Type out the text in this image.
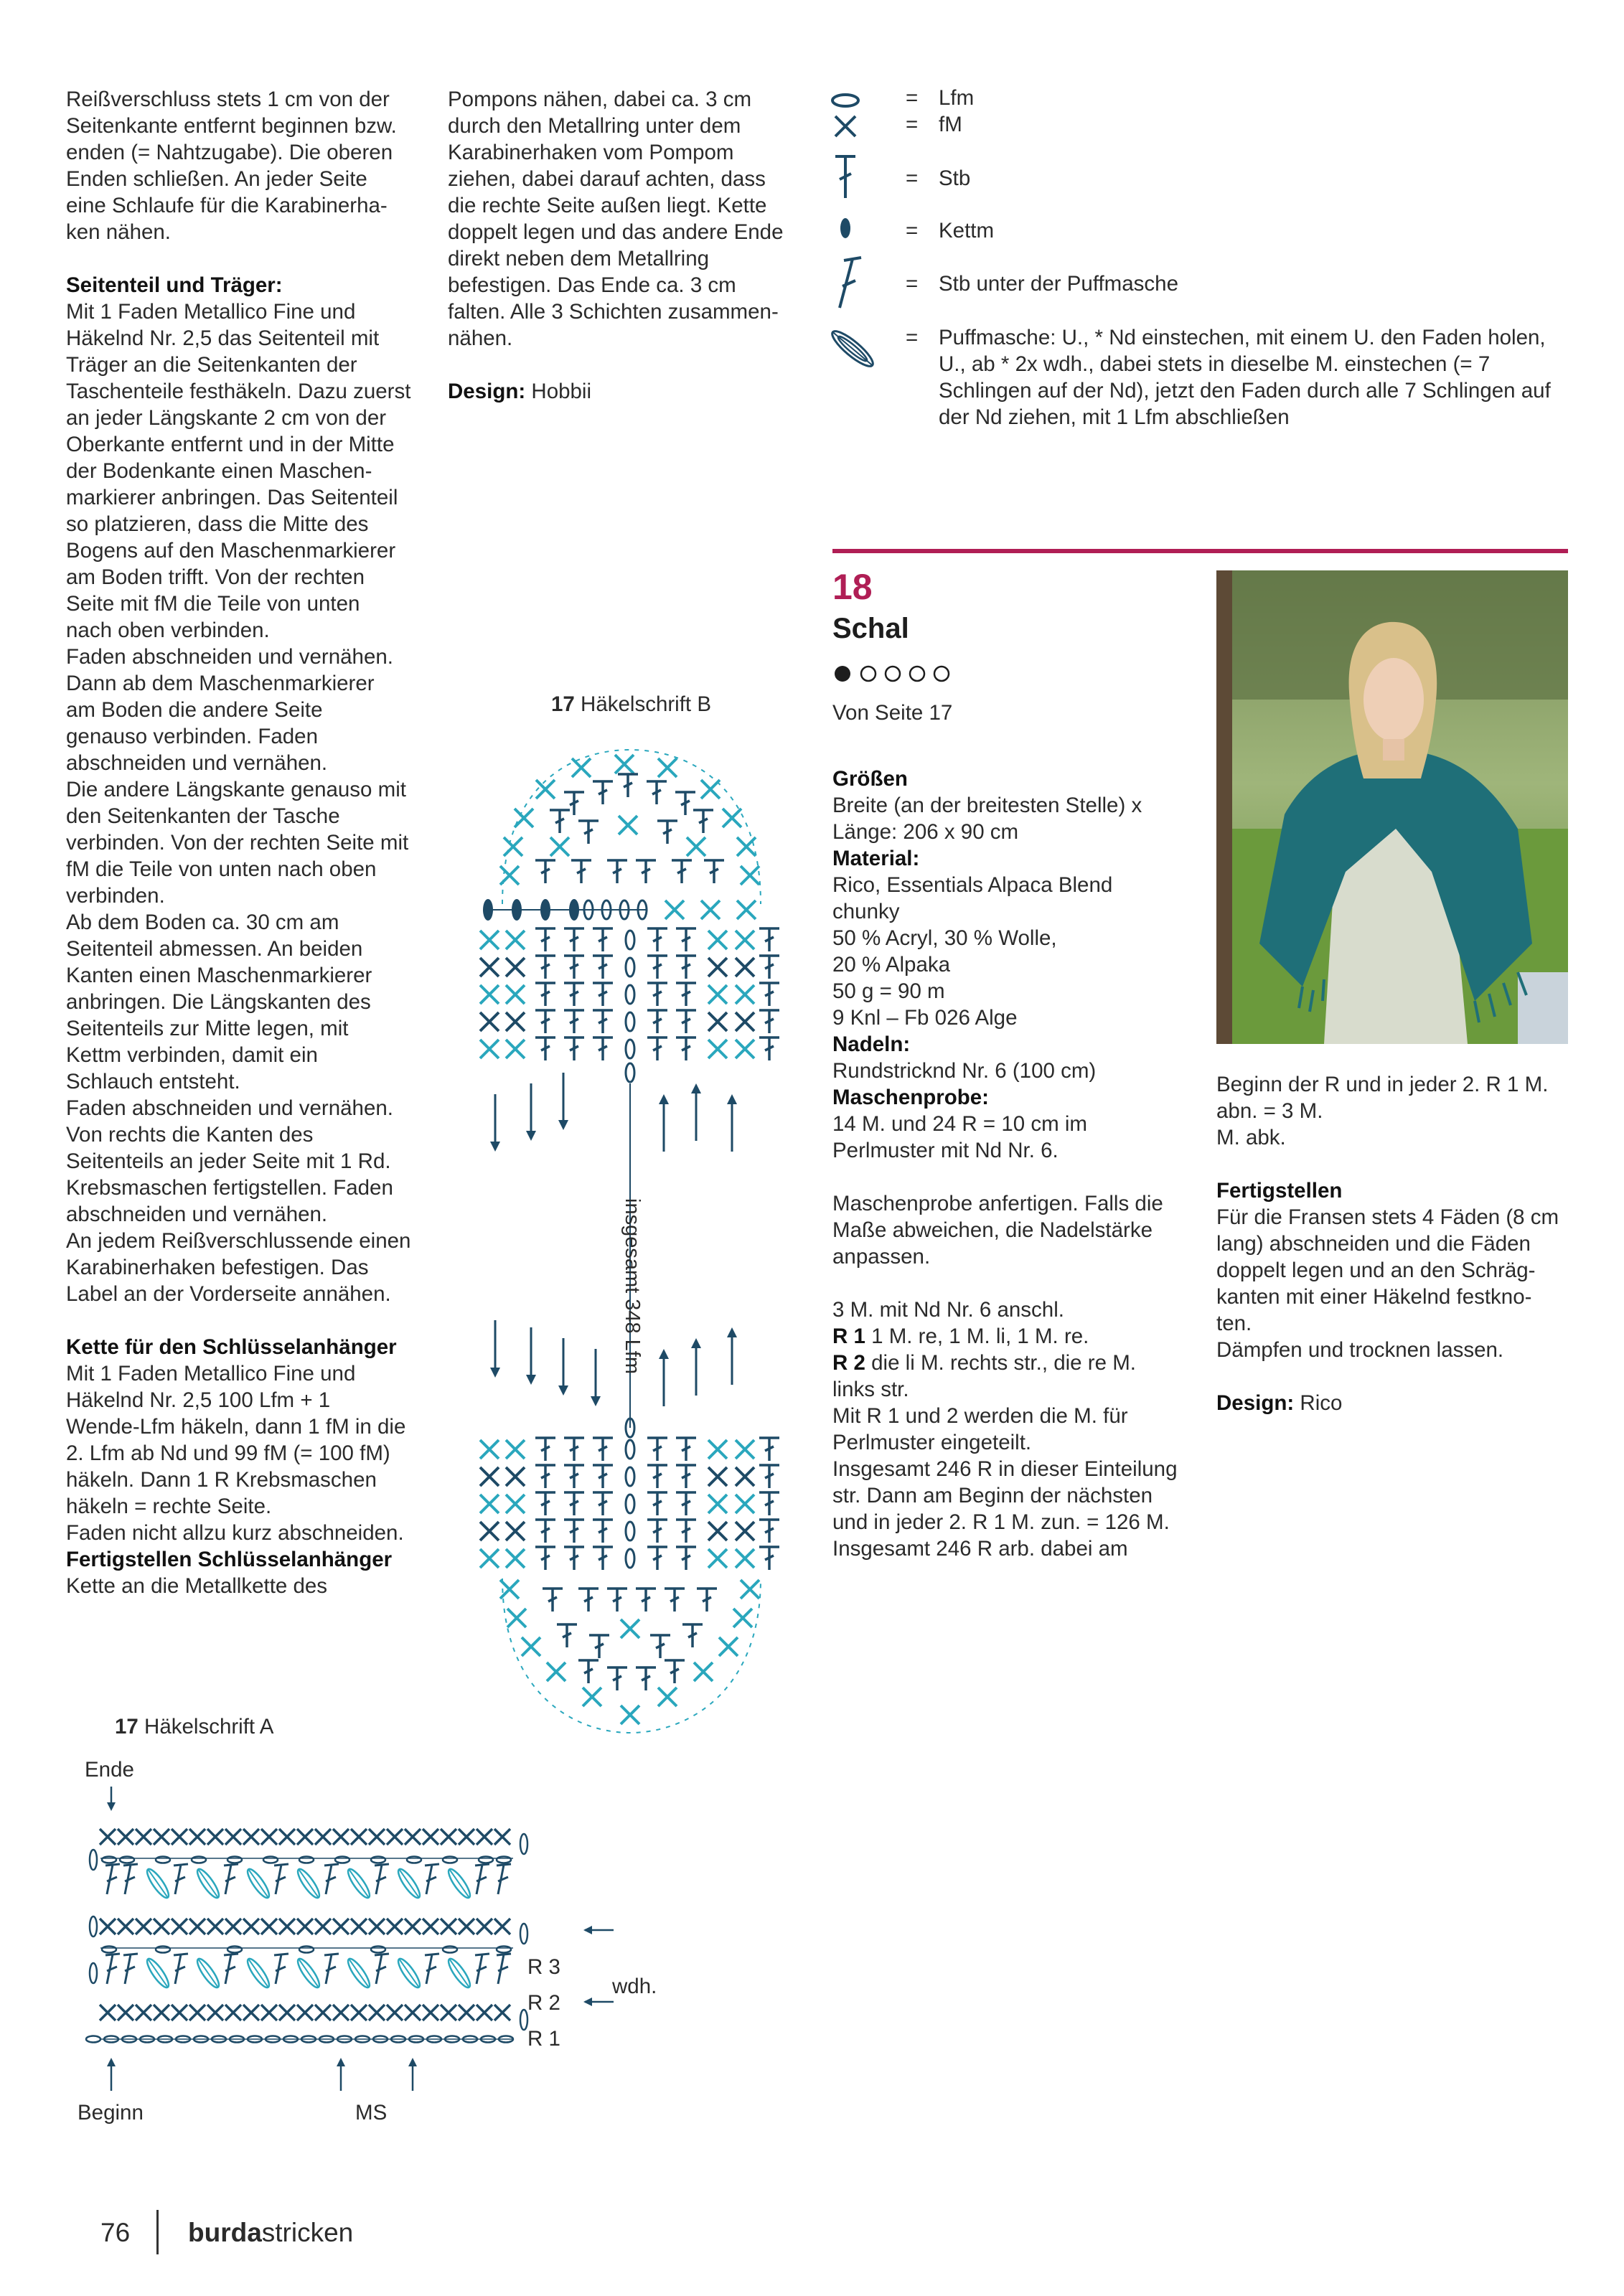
Reißverschluss stets 1 cm von der

Seitenkante entfernt beginnen bzw.

enden (= Nahtzugabe). Die oberen

Enden schließen. An jeder Seite

eine Schlaufe für die Karabinerha-

ken nähen.

Seitenteil und Träger:

Mit 1 Faden Metallico Fine und

Häkelnd Nr. 2,5 das Seitenteil mit

Träger an die Seitenkanten der

Taschenteile festhäkeln. Dazu zuerst

an jeder Längskante 2 cm von der

Oberkante entfernt und in der Mitte

der Bodenkante einen Maschen-

markierer anbringen. Das Seitenteil

so platzieren, dass die Mitte des

Bogens auf den Maschenmarkierer

am Boden trifft. Von der rechten

Seite mit fM die Teile von unten

nach oben verbinden.

Faden abschneiden und vernähen.

Dann ab dem Maschenmarkierer

am Boden die andere Seite

genauso verbinden. Faden

abschneiden und vernähen.

Die andere Längskante genauso mit

den Seitenkanten der Tasche

verbinden. Von der rechten Seite mit

fM die Teile von unten nach oben

verbinden.

Ab dem Boden ca. 30 cm am

Seitenteil abmessen. An beiden

Kanten einen Maschenmarkierer

anbringen. Die Längskanten des

Seitenteils zur Mitte legen, mit

Kettm verbinden, damit ein

Schlauch entsteht.

Faden abschneiden und vernähen.

Von rechts die Kanten des

Seitenteils an jeder Seite mit 1 Rd.

Krebsmaschen fertigstellen. Faden

abschneiden und vernähen.

An jedem Reißverschlussende einen

Karabinerhaken befestigen. Das

Label an der Vorderseite annähen.

Kette für den Schlüsselanhänger

Mit 1 Faden Metallico Fine und

Häkelnd Nr. 2,5 100 Lfm + 1

Wende-Lfm häkeln, dann 1 fM in die

2. Lfm ab Nd und 99 fM (= 100 fM)

häkeln. Dann 1 R Krebsmaschen

häkeln = rechte Seite.

Faden nicht allzu kurz abschneiden.

Fertigstellen Schlüsselanhänger

Kette an die Metallkette des

Pompons nähen, dabei ca. 3 cm

durch den Metallring unter dem

Karabinerhaken vom Pompom

ziehen, dabei darauf achten, dass

die rechte Seite außen liegt. Kette

doppelt legen und das andere Ende

direkt neben dem Metallring

befestigen. Das Ende ca. 3 cm

falten. Alle 3 Schichten zusammen-

nähen.

Design: Hobbii

= Lfm
= fM
= Stb
= Kettm
= Stb unter der Puffmasche
= Puffmasche: U., * Nd einstechen, mit einem U. den Faden holen,
U., ab * 2x wdh., dabei stets in dieselbe M. einstechen (= 7
Schlingen auf der Nd), jetzt den Faden durch alle 7 Schlingen auf
der Nd ziehen, mit 1 Lfm abschließen
18
Schal
Von Seite 17

Größen

Breite (an der breitesten Stelle) x

Länge: 206 x 90 cm

Material:

Rico, Essentials Alpaca Blend

chunky

50 % Acryl, 30 % Wolle,

20 % Alpaka

50 g = 90 m

9 Knl – Fb 026 Alge

Nadeln:

Rundstricknd Nr. 6 (100 cm)

Maschenprobe:

14 M. und 24 R = 10 cm im

Perlmuster mit Nd Nr. 6.

Maschenprobe anfertigen. Falls die

Maße abweichen, die Nadelstärke

anpassen.

3 M. mit Nd Nr. 6 anschl.

R 1 1 M. re, 1 M. li, 1 M. re.

R 2 die li M. rechts str., die re M.

links str.

Mit R 1 und 2 werden die M. für

Perlmuster eingeteilt.

Insgesamt 246 R in dieser Einteilung

str. Dann am Beginn der nächsten

und in jeder 2. R 1 M. zun. = 126 M.

Insgesamt 246 R arb. dabei am

Beginn der R und in jeder 2. R 1 M.

abn. = 3 M.

M. abk.

Fertigstellen

Für die Fransen stets 4 Fäden (8 cm

lang) abschneiden und die Fäden

doppelt legen und an den Schräg-

kanten mit einer Häkelnd festkno-

ten.

Dämpfen und trocknen lassen.

Design: Rico

17 Häkelschrift B
insgesamt 348 Lfm
17 Häkelschrift A
Ende
R 3
R 2
R 1
wdh.
Beginn	MS
76 burdastricken
